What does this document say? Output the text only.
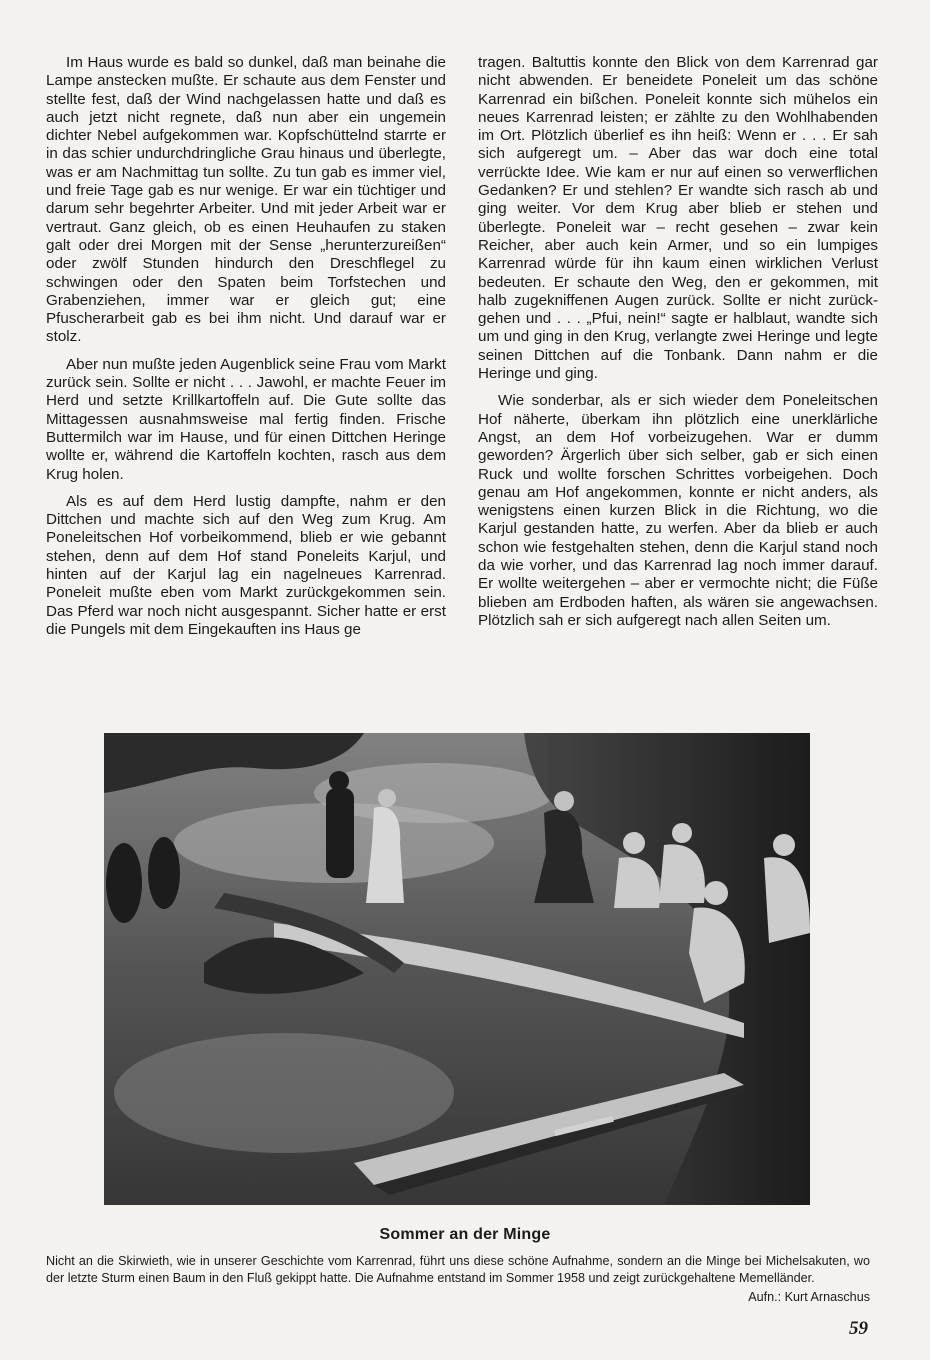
Im Haus wurde es bald so dunkel, daß man beinahe die Lampe anstecken mußte. Er schaute aus dem Fenster und stellte fest, daß der Wind nachgelassen hatte und daß es auch jetzt nicht regnete, daß nun aber ein ungemein dichter Nebel aufgekommen war. Kopfschüttelnd starrte er in das schier undurchdringliche Grau hinaus und überlegte, was er am Nachmittag tun sollte. Zu tun gab es immer viel, und freie Tage gab es nur wenige. Er war ein tüchtiger und darum sehr begehrter Arbeiter. Und mit jeder Arbeit war er vertraut. Ganz gleich, ob es einen Heuhaufen zu staken galt oder drei Morgen mit der Sense „herunterzureißen“ oder zwölf Stunden hindurch den Dreschflegel zu schwingen oder den Spaten beim Torfstechen und Grabenziehen, immer war er gleich gut; eine Pfuscherarbeit gab es bei ihm nicht. Und darauf war er stolz.

Aber nun mußte jeden Augenblick seine Frau vom Markt zurück sein. Sollte er nicht . . . Jawohl, er machte Feuer im Herd und setzte Krillkartoffeln auf. Die Gute sollte das Mittagessen ausnahmsweise mal fertig finden. Frische Buttermilch war im Hause, und für einen Dittchen Heringe wollte er, während die Kartoffeln kochten, rasch aus dem Krug holen.

Als es auf dem Herd lustig dampfte, nahm er den Dittchen und machte sich auf den Weg zum Krug. Am Poneleitschen Hof vorbeikommend, blieb er wie gebannt stehen, denn auf dem Hof stand Poneleits Karjul, und hinten auf der Karjul lag ein nagelneues Karrenrad. Poneleit mußte eben vom Markt zurückgekommen sein. Das Pferd war noch nicht ausgespannt. Sicher hatte er erst die Pungels mit dem Eingekauften ins Haus ge

tragen. Baltuttis konnte den Blick von dem Karrenrad gar nicht abwenden. Er beneidete Poneleit um das schöne Karrenrad ein bißchen. Poneleit konnte sich mühelos ein neues Karrenrad leisten; er zählte zu den Wohlhabenden im Ort. Plötzlich überlief es ihn heiß: Wenn er . . . Er sah sich aufgeregt um. – Aber das war doch eine total verrückte Idee. Wie kam er nur auf einen so verwerflichen Gedanken? Er und stehlen? Er wandte sich rasch ab und ging weiter. Vor dem Krug aber blieb er stehen und überlegte. Poneleit war – recht gesehen – zwar kein Reicher, aber auch kein Armer, und so ein lumpiges Karrenrad würde für ihn kaum einen wirklichen Verlust bedeuten. Er schaute den Weg, den er gekommen, mit halb zugekniffenen Augen zurück. Sollte er nicht zurückgehen und . . . „Pfui, nein!“ sagte er halblaut, wandte sich um und ging in den Krug, verlangte zwei Heringe und legte seinen Dittchen auf die Tonbank. Dann nahm er die Heringe und ging.

Wie sonderbar, als er sich wieder dem Poneleitschen Hof näherte, überkam ihn plötzlich eine unerklärliche Angst, an dem Hof vorbeizugehen. War er dumm geworden? Ärgerlich über sich selber, gab er sich einen Ruck und wollte forschen Schrittes vorbeigehen. Doch genau am Hof angekommen, konnte er nicht anders, als wenigstens einen kurzen Blick in die Richtung, wo die Karjul gestanden hatte, zu werfen. Aber da blieb er auch schon wie festgehalten stehen, denn die Karjul stand noch da wie vorher, und das Karrenrad lag noch immer darauf. Er wollte weitergehen – aber er vermochte nicht; die Füße blieben am Erdboden haften, als wären sie angewachsen. Plötzlich sah er sich aufgeregt nach allen Seiten um.

Sommer an der Minge
Nicht an die Skirwieth, wie in unserer Geschichte vom Karrenrad, führt uns diese schöne Aufnahme, sondern an die Minge bei Michelsakuten, wo der letzte Sturm einen Baum in den Fluß gekippt hatte. Die Aufnahme entstand im Sommer 1958 und zeigt zurückgehaltene Memelländer.
Aufn.: Kurt Arnaschus
59
